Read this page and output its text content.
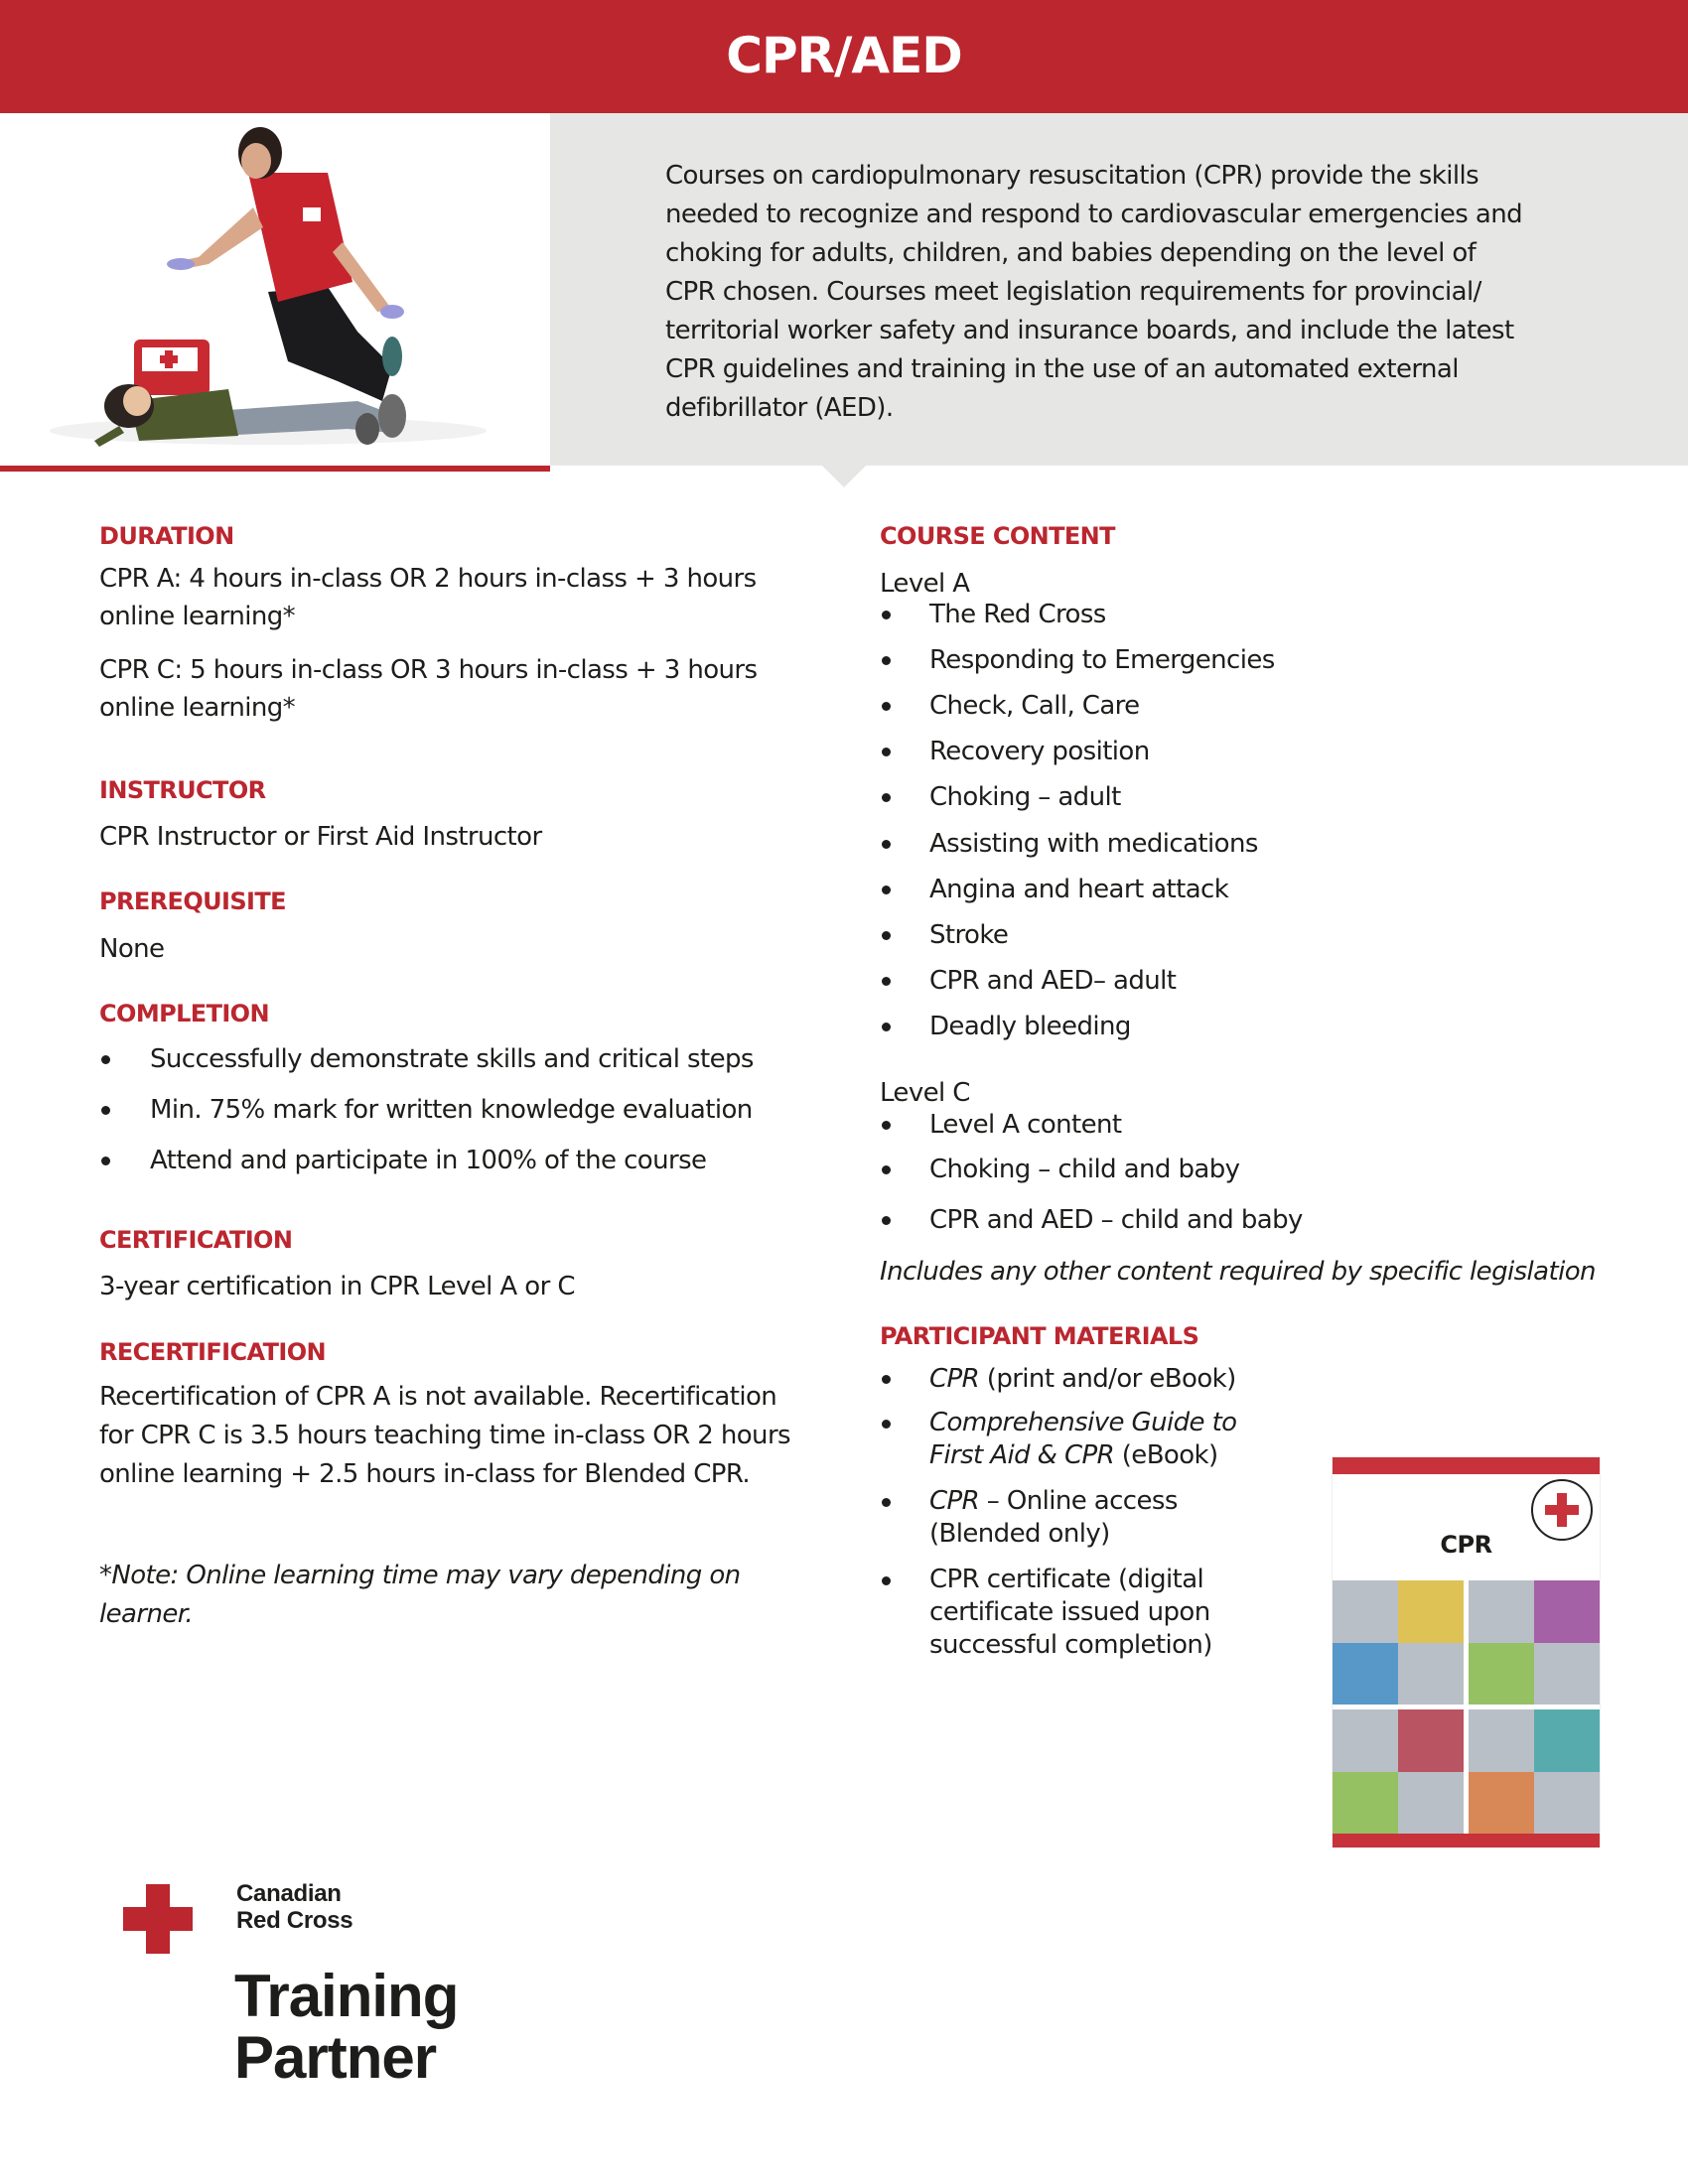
CPR/AED
Courses on cardiopulmonary resuscitation (CPR) provide the skills
needed to recognize and respond to cardiovascular emergencies and
choking for adults, children, and babies depending on the level of
CPR chosen. Courses meet legislation requirements for provincial/
territorial worker safety and insurance boards, and include the latest
CPR guidelines and training in the use of an automated external
defibrillator (AED).
DURATION
CPR A: 4 hours in-class OR 2 hours in-class + 3 hours
online learning*
CPR C: 5 hours in-class OR 3 hours in-class + 3 hours
online learning*
INSTRUCTOR
CPR Instructor or First Aid Instructor
PREREQUISITE
None
COMPLETION
Successfully demonstrate skills and critical steps
Min. 75% mark for written knowledge evaluation
Attend and participate in 100% of the course
CERTIFICATION
3-year certification in CPR Level A or C
RECERTIFICATION
Recertification of CPR A is not available. Recertification
for CPR C is 3.5 hours teaching time in-class OR 2 hours
online learning + 2.5 hours in-class for Blended CPR.
*Note: Online learning time may vary depending on
learner.
COURSE CONTENT
Level A
The Red Cross
Responding to Emergencies
Check, Call, Care
Recovery position
Choking – adult
Assisting with medications
Angina and heart attack
Stroke
CPR and AED– adult
Deadly bleeding
Level C
Level A content
Choking – child and baby
CPR and AED – child and baby
Includes any other content required by specific legislation
PARTICIPANT MATERIALS
CPR (print and/or eBook)
Comprehensive Guide to
First Aid & CPR (eBook)
CPR – Online access
(Blended only)
CPR certificate (digital
certificate issued upon
successful completion)
CPR
Canadian
Red Cross
Training
Partner
